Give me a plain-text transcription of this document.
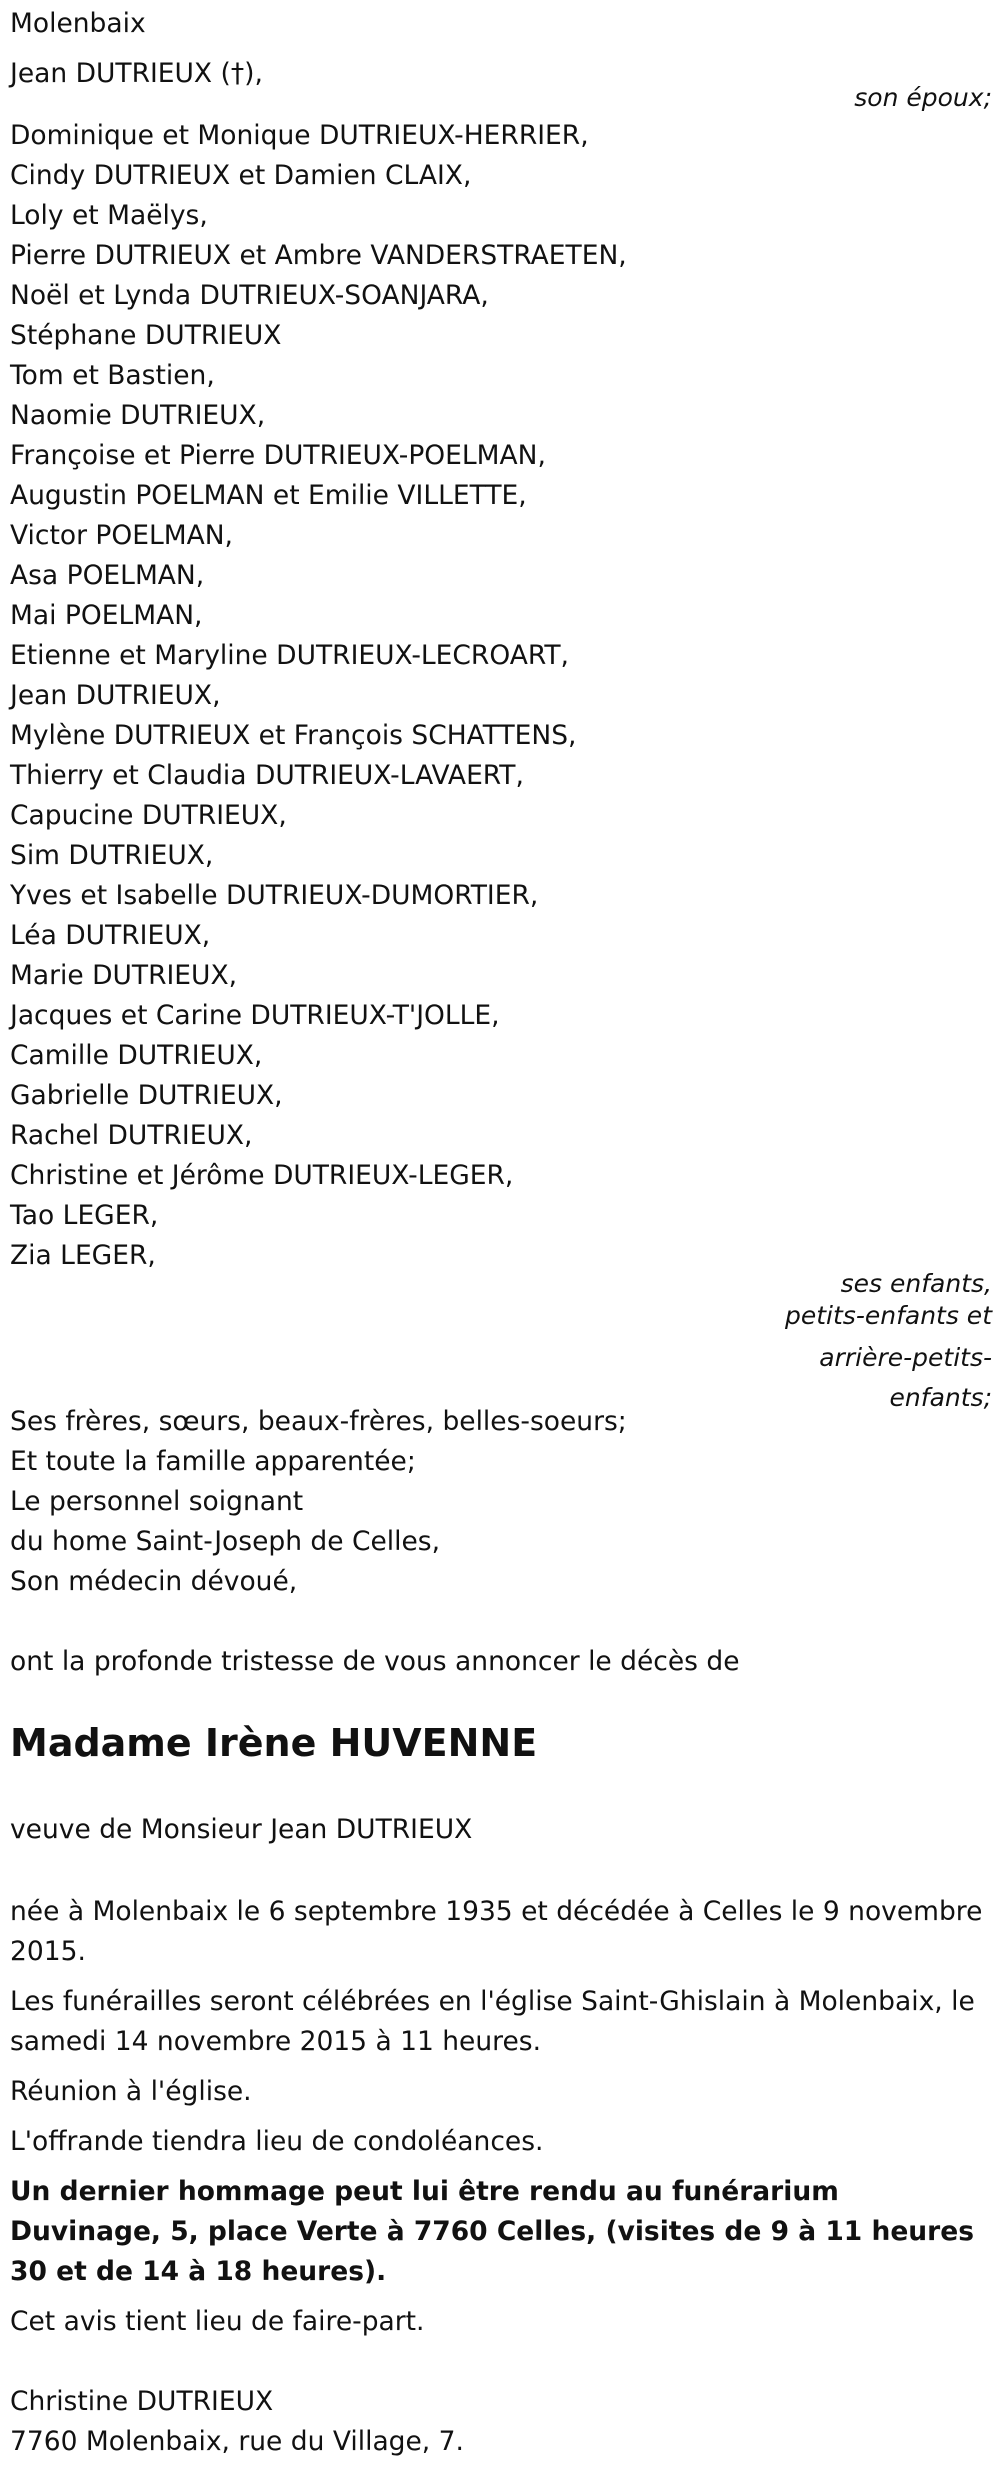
Molenbaix

Jean DUTRIEUX (†),

son époux;

Dominique et Monique DUTRIEUX-HERRIER,

Cindy DUTRIEUX et Damien CLAIX,

Loly et Maëlys,

Pierre DUTRIEUX et Ambre VANDERSTRAETEN,

Noël et Lynda DUTRIEUX-SOANJARA,

Stéphane DUTRIEUX

Tom et Bastien,

Naomie DUTRIEUX,

Françoise et Pierre DUTRIEUX-POELMAN,

Augustin POELMAN et Emilie VILLETTE,

Victor POELMAN,

Asa POELMAN,

Mai POELMAN,

Etienne et Maryline DUTRIEUX-LECROART,

Jean DUTRIEUX,

Mylène DUTRIEUX et François SCHATTENS,

Thierry et Claudia DUTRIEUX-LAVAERT,

Capucine DUTRIEUX,

Sim DUTRIEUX,

Yves et Isabelle DUTRIEUX-DUMORTIER,

Léa DUTRIEUX,

Marie DUTRIEUX,

Jacques et Carine DUTRIEUX-T'JOLLE,

Camille DUTRIEUX,

Gabrielle DUTRIEUX,

Rachel DUTRIEUX,

Christine et Jérôme DUTRIEUX-LEGER,

Tao LEGER,

Zia LEGER,

ses enfants,
petits-enfants et
arrière-petits-
enfants;

Ses frères, sœurs, beaux-frères, belles-soeurs;

Et toute la famille apparentée;

Le personnel soignant

du home Saint-Joseph de Celles,

Son médecin dévoué,

ont la profonde tristesse de vous annoncer le décès de

Madame Irène HUVENNE

veuve de Monsieur Jean DUTRIEUX

née à Molenbaix le 6 septembre 1935 et décédée à Celles le 9 novembre 2015.

Les funérailles seront célébrées en l'église Saint-Ghislain à Molenbaix, le samedi 14 novembre 2015 à 11 heures.

Réunion à l'église.

L'offrande tiendra lieu de condoléances.

Un dernier hommage peut lui être rendu au funérarium Duvinage, 5, place Verte à 7760 Celles, (visites de 9 à 11 heures 30 et de 14 à 18 heures).

Cet avis tient lieu de faire-part.

Christine DUTRIEUX

7760 Molenbaix, rue du Village, 7.
